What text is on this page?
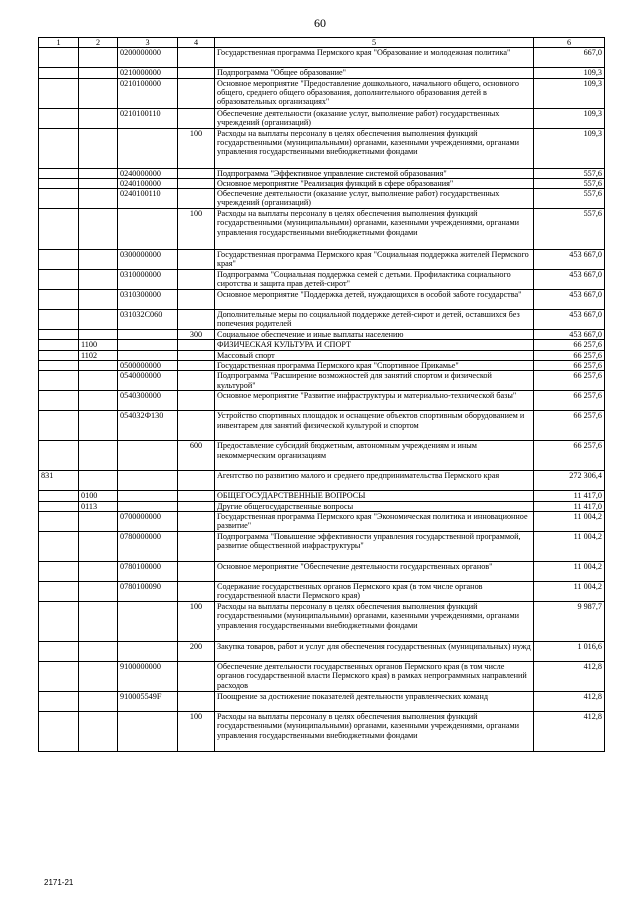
60
1	2	3	4	5	6
		0200000000		Государственная программа Пермского края "Образование и молодежная политика"	667,0
		0210000000		Подпрограмма "Общее образование"	109,3
		0210100000		Основное мероприятие "Предоставление дошкольного, начального общего, основного общего, среднего общего образования, дополнительного образования детей в образовательных организациях"	109,3
		0210100110		Обеспечение деятельности (оказание услуг, выполнение работ) государственных учреждений (организаций)	109,3
			100	Расходы на выплаты персоналу в целях обеспечения выполнения функций государственными (муниципальными) органами, казенными учреждениями, органами управления государственными внебюджетными фондами	109,3
		0240000000		Подпрограмма "Эффективное управление системой образования"	557,6
		0240100000		Основное мероприятие "Реализация функций в сфере образования"	557,6
		0240100110		Обеспечение деятельности (оказание услуг, выполнение работ) государственных учреждений (организаций)	557,6
			100	Расходы на выплаты персоналу в целях обеспечения выполнения функций государственными (муниципальными) органами, казенными учреждениями, органами управления государственными внебюджетными фондами	557,6
		0300000000		Государственная программа Пермского края "Социальная поддержка жителей Пермского края"	453 667,0
		0310000000		Подпрограмма "Социальная поддержка семей с детьми. Профилактика социального сиротства и защита прав детей-сирот"	453 667,0
		0310300000		Основное мероприятие "Поддержка детей, нуждающихся в особой заботе государства"	453 667,0
		031032С060		Дополнительные меры по социальной поддержке детей-сирот и детей, оставшихся без попечения родителей	453 667,0
			300	Социальное обеспечение и иные выплаты населению	453 667,0
	1100			ФИЗИЧЕСКАЯ КУЛЬТУРА И СПОРТ	66 257,6
	1102			Массовый спорт	66 257,6
		0500000000		Государственная программа Пермского края "Спортивное Прикамье"	66 257,6
		0540000000		Подпрограмма "Расширение возможностей для занятий спортом и физической культурой"	66 257,6
		0540300000		Основное мероприятие "Развитие инфраструктуры и материально-технической базы"	66 257,6
		054032Ф130		Устройство спортивных площадок и оснащение объектов спортивным оборудованием и инвентарем для занятий физической культурой и спортом	66 257,6
			600	Предоставление субсидий бюджетным, автономным учреждениям и иным некоммерческим организациям	66 257,6
831				Агентство по развитию малого и среднего предпринимательства Пермского края	272 306,4
	0100			ОБЩЕГОСУДАРСТВЕННЫЕ ВОПРОСЫ	11 417,0
	0113			Другие общегосударственные вопросы	11 417,0
		0700000000		Государственная программа Пермского края "Экономическая политика и инновационное развитие"	11 004,2
		0780000000		Подпрограмма "Повышение эффективности управления государственной программой, развитие общественной инфраструктуры"	11 004,2
		0780100000		Основное мероприятие "Обеспечение деятельности государственных органов"	11 004,2
		0780100090		Содержание государственных органов Пермского края (в том числе органов государственной власти Пермского края)	11 004,2
			100	Расходы на выплаты персоналу в целях обеспечения выполнения функций государственными (муниципальными) органами, казенными учреждениями, органами управления государственными внебюджетными фондами	9 987,7
			200	Закупка товаров, работ и услуг для обеспечения государственных (муниципальных) нужд	1 016,6
		9100000000		Обеспечение деятельности государственных органов Пермского края (в том числе органов государственной власти Пермского края) в рамках непрограммных направлений расходов	412,8
		910005549F		Поощрение за достижение показателей деятельности управленческих команд	412,8
			100	Расходы на выплаты персоналу в целях обеспечения выполнения функций государственными (муниципальными) органами, казенными учреждениями, органами управления государственными внебюджетными фондами	412,8
2171-21
